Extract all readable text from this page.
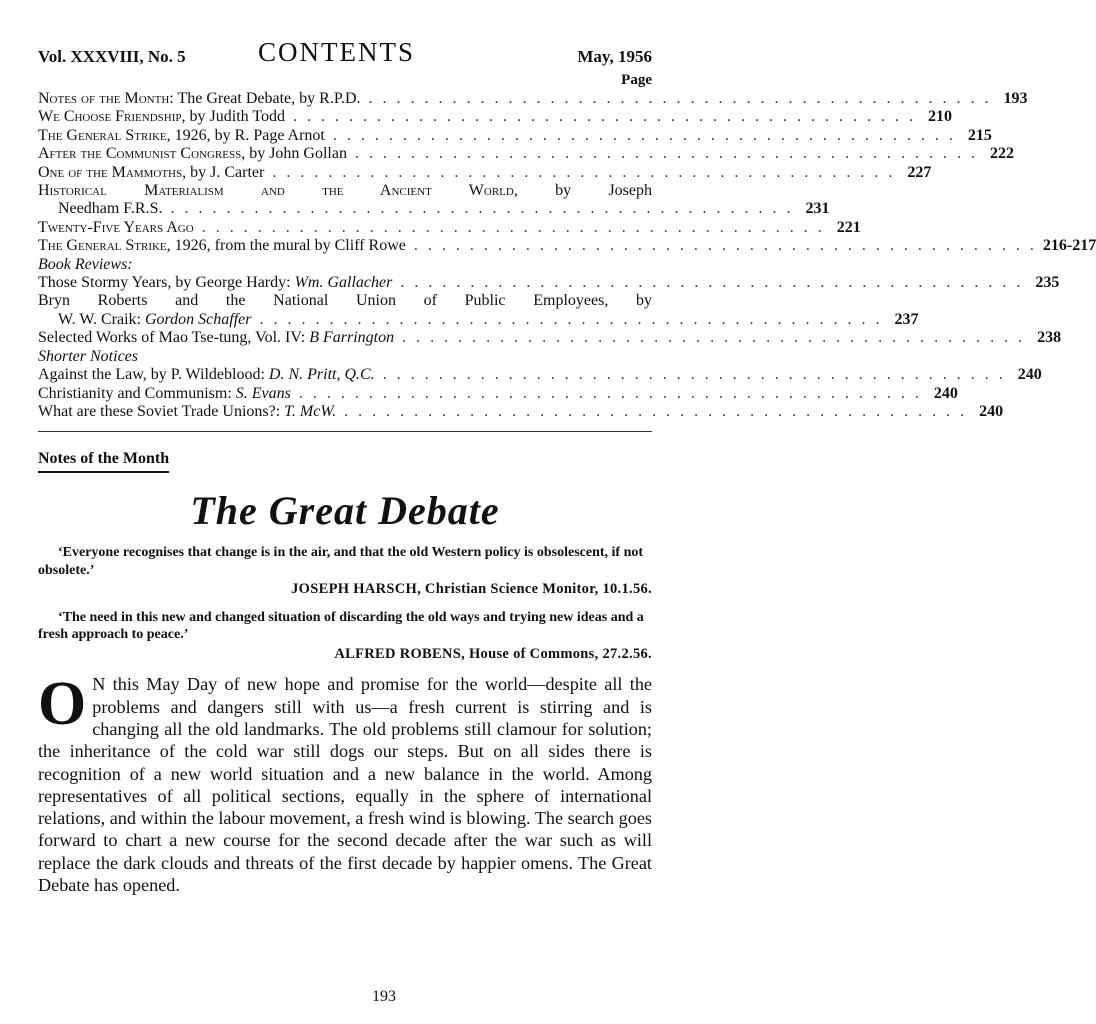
Vol. XXXVIII, No. 5	CONTENTS	May, 1956
Page
Notes of the Month: The Great Debate, by R.P.D. . . . . . . . . . . . . . . . . . . . . . . . . . . . . . . . . . . . . . . . . . . . . . 193
We Choose Friendship, by Judith Todd . . . . . . . . . . . . . . . . . . . . . . . . . . . . . . . . . . . . . . . . . . . . . 210
The General Strike, 1926, by R. Page Arnot . . . . . . . . . . . . . . . . . . . . . . . . . . . . . . . . . . . . . . . . . . . . . 215
After the Communist Congress, by John Gollan . . . . . . . . . . . . . . . . . . . . . . . . . . . . . . . . . . . . . . . . . . . . . 222
One of the Mammoths, by J. Carter . . . . . . . . . . . . . . . . . . . . . . . . . . . . . . . . . . . . . . . . . . . . . 227
Historical Materialism and the Ancient World, by Joseph
Needham F.R.S. . . . . . . . . . . . . . . . . . . . . . . . . . . . . . . . . . . . . . . . . . . . . . 231
Twenty-Five Years Ago . . . . . . . . . . . . . . . . . . . . . . . . . . . . . . . . . . . . . . . . . . . . . 221
The General Strike, 1926, from the mural by Cliff Rowe . . . . . . . . . . . . . . . . . . . . . . . . . . . . . . . . . . . . . . . . . . . . . 216-217
Book Reviews:
Those Stormy Years, by George Hardy: Wm. Gallacher . . . . . . . . . . . . . . . . . . . . . . . . . . . . . . . . . . . . . . . . . . . . . 235
Bryn Roberts and the National Union of Public Employees, by
W. W. Craik: Gordon Schaffer . . . . . . . . . . . . . . . . . . . . . . . . . . . . . . . . . . . . . . . . . . . . . 237
Selected Works of Mao Tse-tung, Vol. IV: B Farrington . . . . . . . . . . . . . . . . . . . . . . . . . . . . . . . . . . . . . . . . . . . . . 238
Shorter Notices
Against the Law, by P. Wildeblood: D. N. Pritt, Q.C. . . . . . . . . . . . . . . . . . . . . . . . . . . . . . . . . . . . . . . . . . . . . . 240
Christianity and Communism: S. Evans . . . . . . . . . . . . . . . . . . . . . . . . . . . . . . . . . . . . . . . . . . . . . 240
What are these Soviet Trade Unions?: T. McW. . . . . . . . . . . . . . . . . . . . . . . . . . . . . . . . . . . . . . . . . . . . . . 240
Notes of the Month
The Great Debate
‘Everyone recognises that change is in the air, and that the old Western policy is obsolescent, if not obsolete.’
JOSEPH HARSCH, Christian Science Monitor, 10.1.56.
‘The need in this new and changed situation of discarding the old ways and trying new ideas and a fresh approach to peace.’
ALFRED ROBENS, House of Commons, 27.2.56.
O N this May Day of new hope and promise for the world—despite all the problems and dangers still with us—a fresh current is stirring and is changing all the old landmarks. The old problems still clamour for solution; the inheritance of the cold war still dogs our steps. But on all sides there is recognition of a new world situation and a new balance in the world. Among representatives of all political sections, equally in the sphere of international relations, and within the labour movement, a fresh wind is blowing. The search goes forward to chart a new course for the second decade after the war such as will replace the dark clouds and threats of the first decade by happier omens. The Great Debate has opened.
193
